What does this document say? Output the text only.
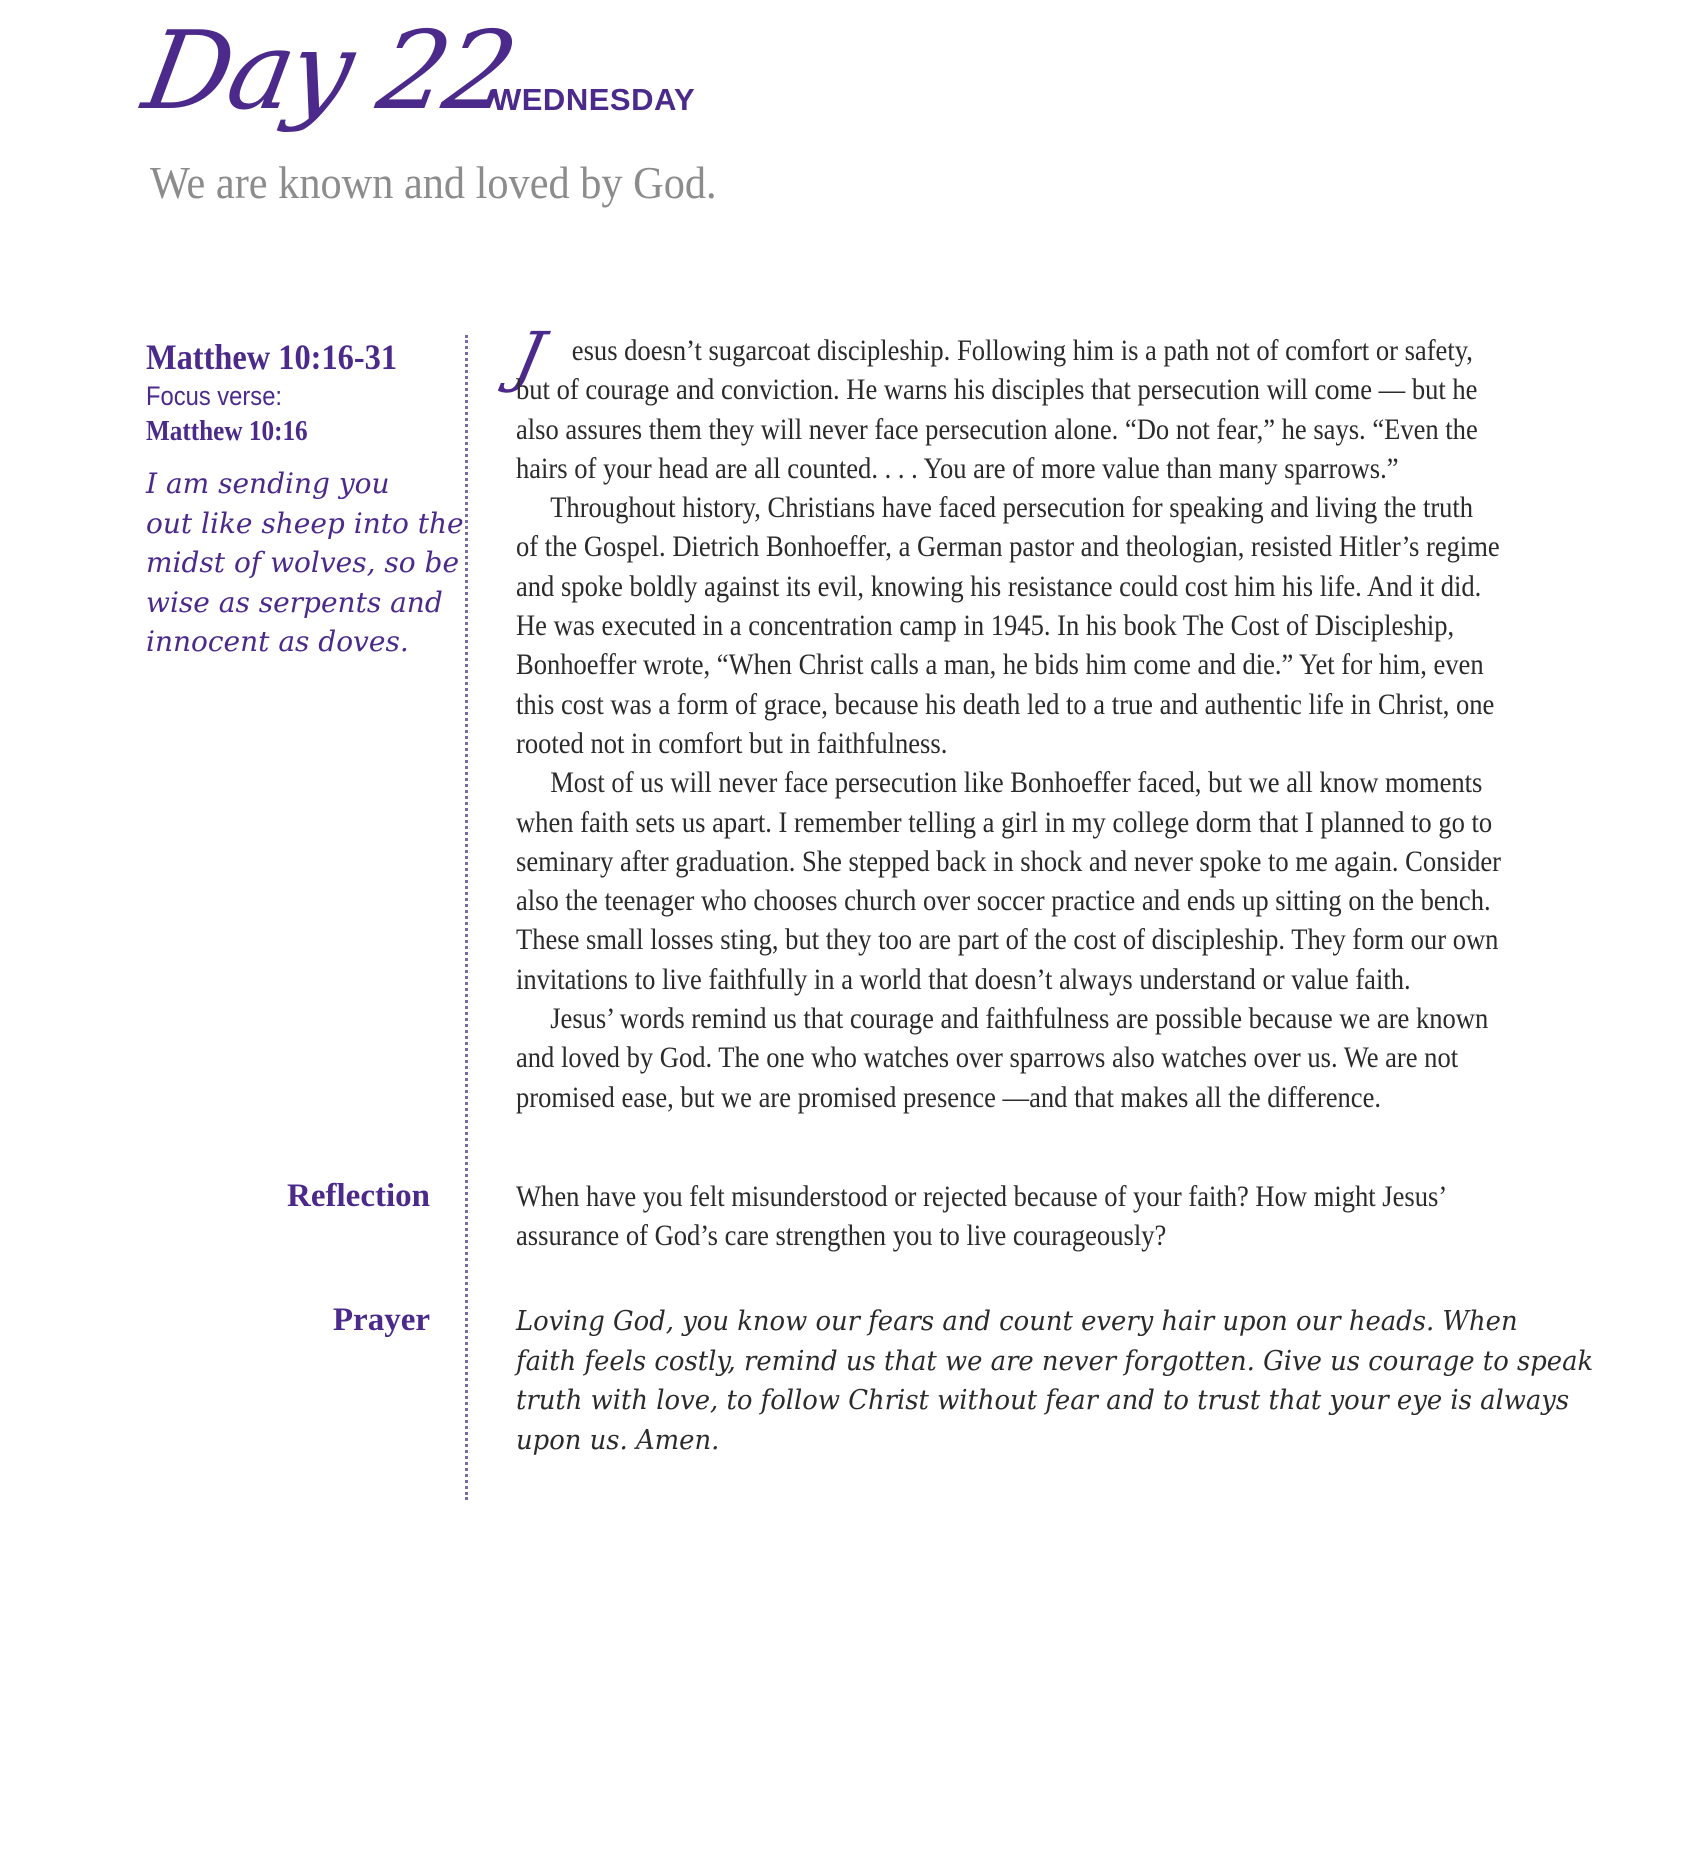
Day 22
WEDNESDAY
We are known and loved by God.
Matthew 10:16-31
Focus verse:
Matthew 10:16
I am sending you
out like sheep into the
midst of wolves, so be
wise as serpents and
innocent as doves.
J esus doesn’t sugarcoat discipleship. Following him is a path not of comfort or safety,
but of courage and conviction. He warns his disciples that persecution will come — but he
also assures them they will never face persecution alone. “Do not fear,” he says. “Even the
hairs of your head are all counted. . . . You are of more value than many sparrows.”
Throughout history, Christians have faced persecution for speaking and living the truth
of the Gospel. Dietrich Bonhoeffer, a German pastor and theologian, resisted Hitler’s regime
and spoke boldly against its evil, knowing his resistance could cost him his life. And it did.
He was executed in a concentration camp in 1945. In his book The Cost of Discipleship,
Bonhoeffer wrote, “When Christ calls a man, he bids him come and die.” Yet for him, even
this cost was a form of grace, because his death led to a true and authentic life in Christ, one
rooted not in comfort but in faithfulness.
Most of us will never face persecution like Bonhoeffer faced, but we all know moments
when faith sets us apart. I remember telling a girl in my college dorm that I planned to go to
seminary after graduation. She stepped back in shock and never spoke to me again. Consider
also the teenager who chooses church over soccer practice and ends up sitting on the bench.
These small losses sting, but they too are part of the cost of discipleship. They form our own
invitations to live faithfully in a world that doesn’t always understand or value faith.
Jesus’ words remind us that courage and faithfulness are possible because we are known
and loved by God. The one who watches over sparrows also watches over us. We are not
promised ease, but we are promised presence —and that makes all the difference.
Reflection	When have you felt misunderstood or rejected because of your faith? How might Jesus’
assurance of God’s care strengthen you to live courageously?
Prayer	Loving God, you know our fears and count every hair upon our heads. When
faith feels costly, remind us that we are never forgotten. Give us courage to speak
truth with love, to follow Christ without fear and to trust that your eye is always
upon us. Amen.
